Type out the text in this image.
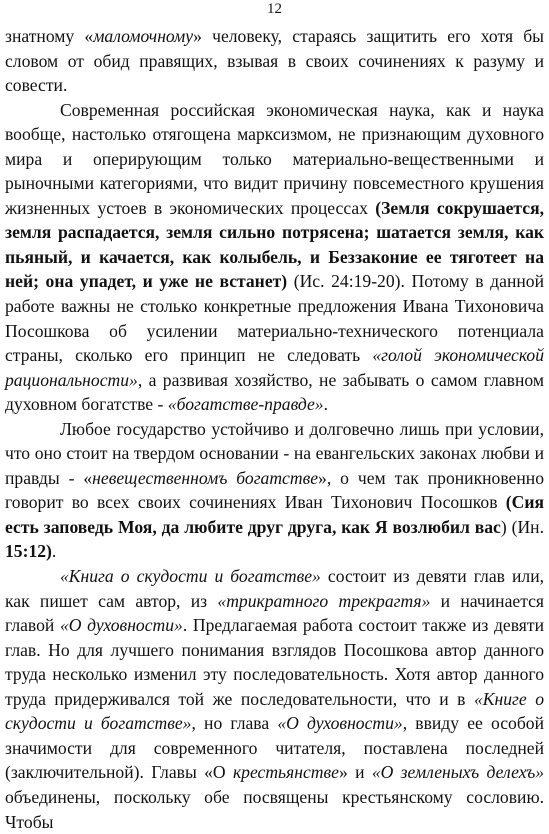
12

знатному «маломочному» человеку, стараясь защитить его хотя бы словом от обид правящих, взывая в своих сочинениях к разуму и совести.

Современная российская экономическая наука, как и наука вообще, настолько отягощена марксизмом, не признающим духовного мира и оперирующим только материально-вещественными и рыночными категориями, что видит причину повсеместного крушения жизненных устоев в экономических процессах (Земля сокрушается, земля распадается, земля сильно потрясена; шатается земля, как пьяный, и качается, как колыбель, и Беззаконие ее тяготеет на ней; она упадет, и уже не встанет) (Ис. 24:19-20). Потому в данной работе важны не столько конкретные предложения Ивана Тихоновича Посошкова об усилении материально-технического потенциала страны, сколько его принцип не следовать «голой экономической рациональности», а развивая хозяйство, не забывать о самом главном духовном богатстве - «богатстве-правде».

Любое государство устойчиво и долговечно лишь при условии, что оно стоит на твердом основании - на евангельских законах любви и правды - «невещественномъ богатстве», о чем так проникновенно говорит во всех своих сочинениях Иван Тихонович Посошков (Сия есть заповедь Моя, да любите друг друга, как Я возлюбил вас) (Ин. 15:12).

«Книга о скудости и богатстве» состоит из девяти глав или, как пишет сам автор, из «трикратного трекрагтя» и начинается главой «О духовности». Предлагаемая работа состоит также из девяти глав. Но для лучшего понимания взглядов Посошкова автор данного труда несколько изменил эту последовательность. Хотя автор данного труда придерживался той же последовательности, что и в «Книге о скудости и богатстве», но глава «О духовности», ввиду ее особой значимости для современного читателя, поставлена последней (заключительной). Главы «О крестьянстве» и «О земленыхъ делехъ» объединены, поскольку обе посвящены крестьянскому сословию. Чтобы
